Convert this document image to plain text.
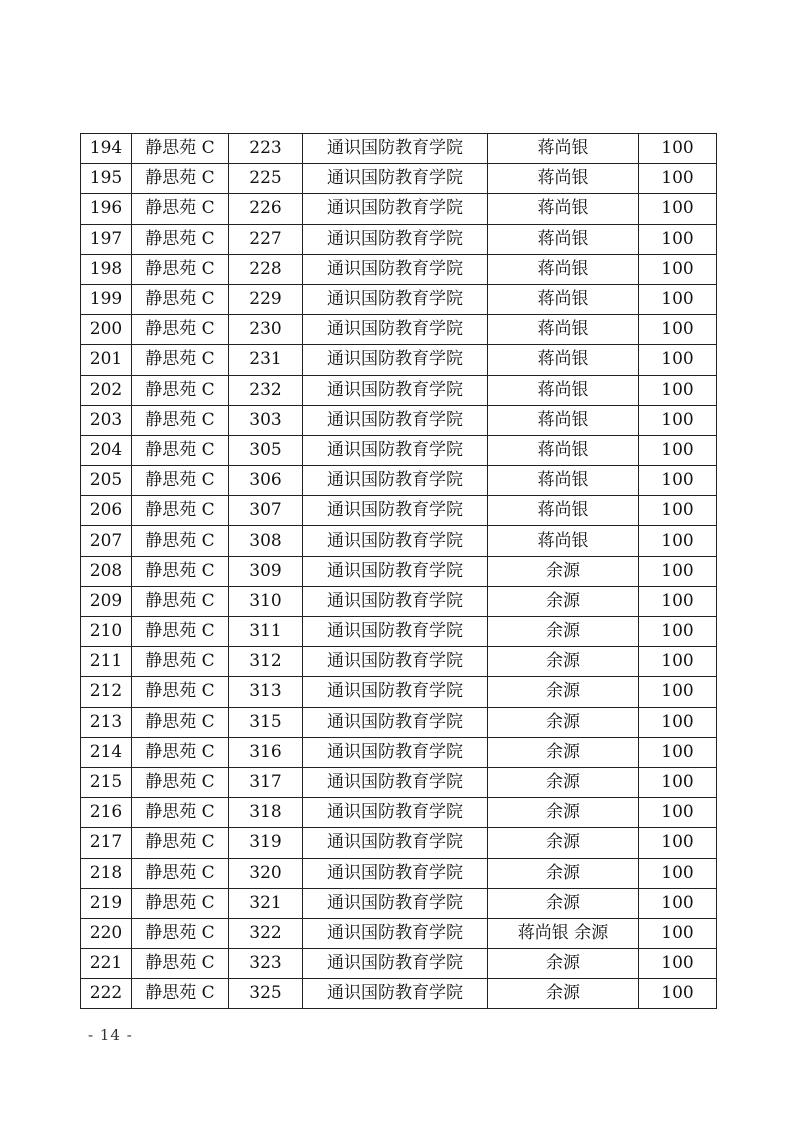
194	静思苑 C	223	通识国防教育学院	蒋尚银	100
195	静思苑 C	225	通识国防教育学院	蒋尚银	100
196	静思苑 C	226	通识国防教育学院	蒋尚银	100
197	静思苑 C	227	通识国防教育学院	蒋尚银	100
198	静思苑 C	228	通识国防教育学院	蒋尚银	100
199	静思苑 C	229	通识国防教育学院	蒋尚银	100
200	静思苑 C	230	通识国防教育学院	蒋尚银	100
201	静思苑 C	231	通识国防教育学院	蒋尚银	100
202	静思苑 C	232	通识国防教育学院	蒋尚银	100
203	静思苑 C	303	通识国防教育学院	蒋尚银	100
204	静思苑 C	305	通识国防教育学院	蒋尚银	100
205	静思苑 C	306	通识国防教育学院	蒋尚银	100
206	静思苑 C	307	通识国防教育学院	蒋尚银	100
207	静思苑 C	308	通识国防教育学院	蒋尚银	100
208	静思苑 C	309	通识国防教育学院	余源	100
209	静思苑 C	310	通识国防教育学院	余源	100
210	静思苑 C	311	通识国防教育学院	余源	100
211	静思苑 C	312	通识国防教育学院	余源	100
212	静思苑 C	313	通识国防教育学院	余源	100
213	静思苑 C	315	通识国防教育学院	余源	100
214	静思苑 C	316	通识国防教育学院	余源	100
215	静思苑 C	317	通识国防教育学院	余源	100
216	静思苑 C	318	通识国防教育学院	余源	100
217	静思苑 C	319	通识国防教育学院	余源	100
218	静思苑 C	320	通识国防教育学院	余源	100
219	静思苑 C	321	通识国防教育学院	余源	100
220	静思苑 C	322	通识国防教育学院	蒋尚银 余源	100
221	静思苑 C	323	通识国防教育学院	余源	100
222	静思苑 C	325	通识国防教育学院	余源	100
- 14 -
